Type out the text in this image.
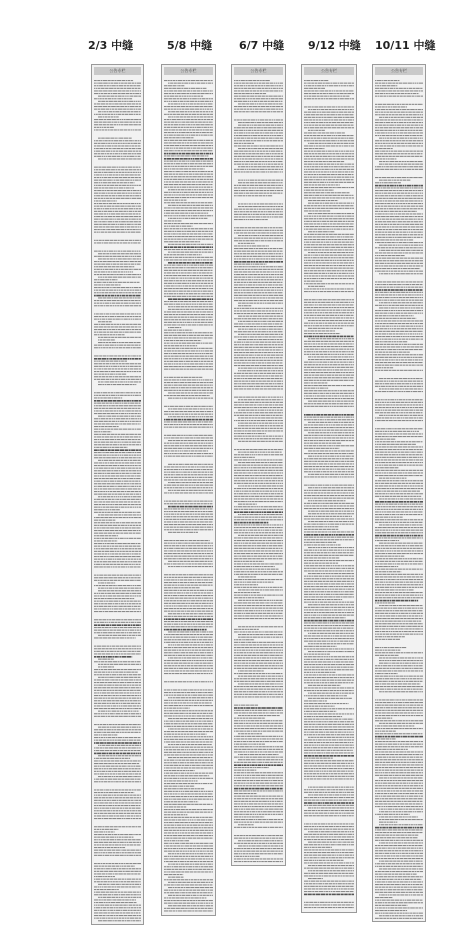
2/3 中缝	5/8 中缝 6/7 中缝 9/12 中缝 10/11 中缝
公告专栏	公告专栏	公告专栏	公告专栏	公告专栏
